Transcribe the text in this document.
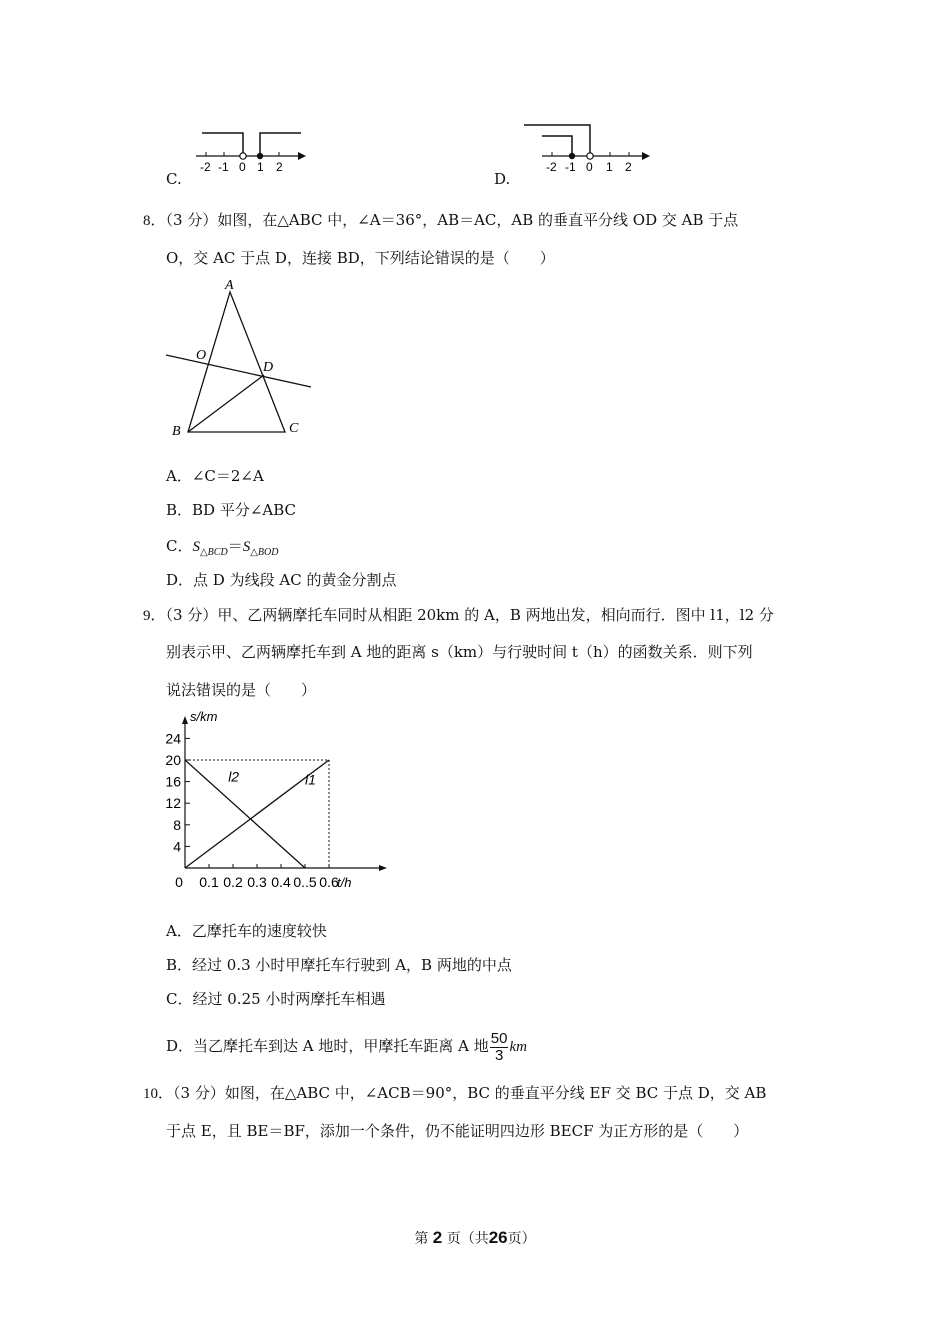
C.
-2 -1 0 1 2
D.
-2 -1 0 1 2
8．（3 分）如图，在△ABC 中，∠A＝36°，AB＝AC，AB 的垂直平分线 OD 交 AB 于点
O，交 AC 于点 D，连接 BD，下列结论错误的是（　　）
A
O
D
B	C
A．∠C＝2∠A
B．BD 平分∠ABC
C．$S_{\triangle BCD}=S_{\triangle BOD}$
D．点 D 为线段 AC 的黄金分割点
9．（3 分）甲、乙两辆摩托车同时从相距 20km 的 A，B 两地出发，相向而行．图中 l1，l2 分
别表示甲、乙两辆摩托车到 A 地的距离 s（km）与行驶时间 t（h）的函数关系．则下列
说法错误的是（　　）
4
8
12
16
20
24
0.1 0.2 0.3 0.4 0..5 0.6
l1
l2
s/km
t/h
0
A．乙摩托车的速度较快
B．经过 0.3 小时甲摩托车行驶到 A，B 两地的中点
C．经过 0.25 小时两摩托车相遇
D．当乙摩托车到达 A 地时，甲摩托车距离 A 地 $\frac{50}{3}$ km
10．（3 分）如图，在△ABC 中，∠ACB＝90°，BC 的垂直平分线 EF 交 BC 于点 D，交 AB
于点 E，且 BE＝BF，添加一个条件，仍不能证明四边形 BECF 为正方形的是（　　）
第 2 页（共26页）
